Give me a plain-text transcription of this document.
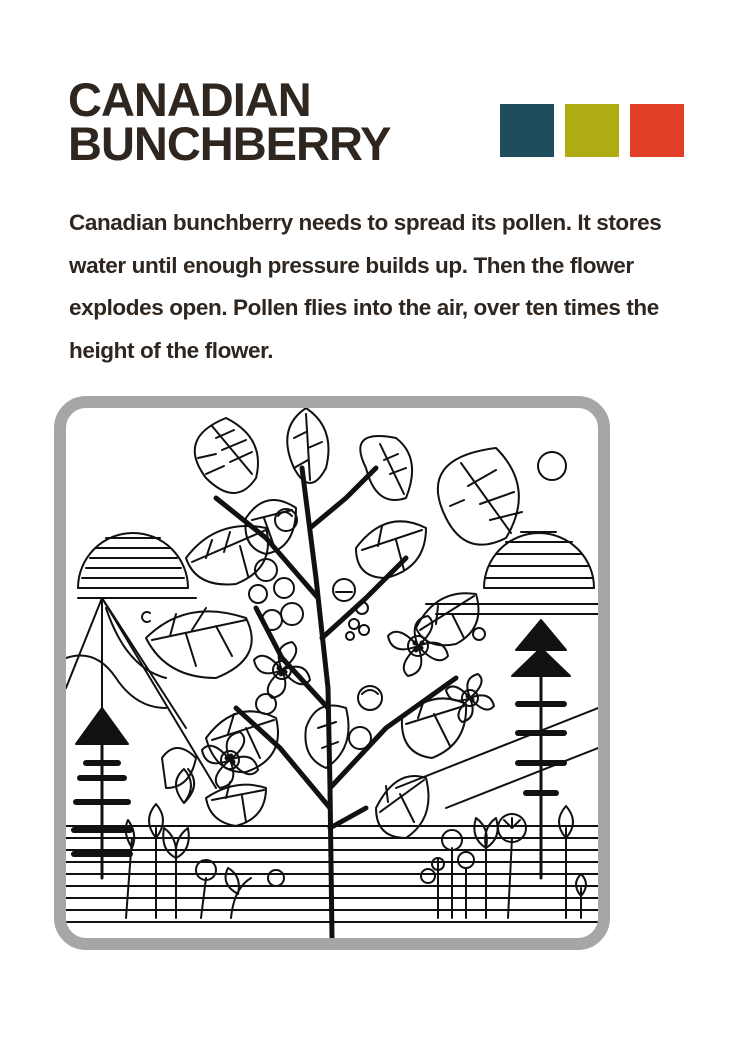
CANADIAN
BUNCHBERRY

Canadian bunchberry needs to spread its pollen. It stores water until enough pressure builds up. Then the flower explodes open. Pollen flies into the air, over ten times the height of the flower.
